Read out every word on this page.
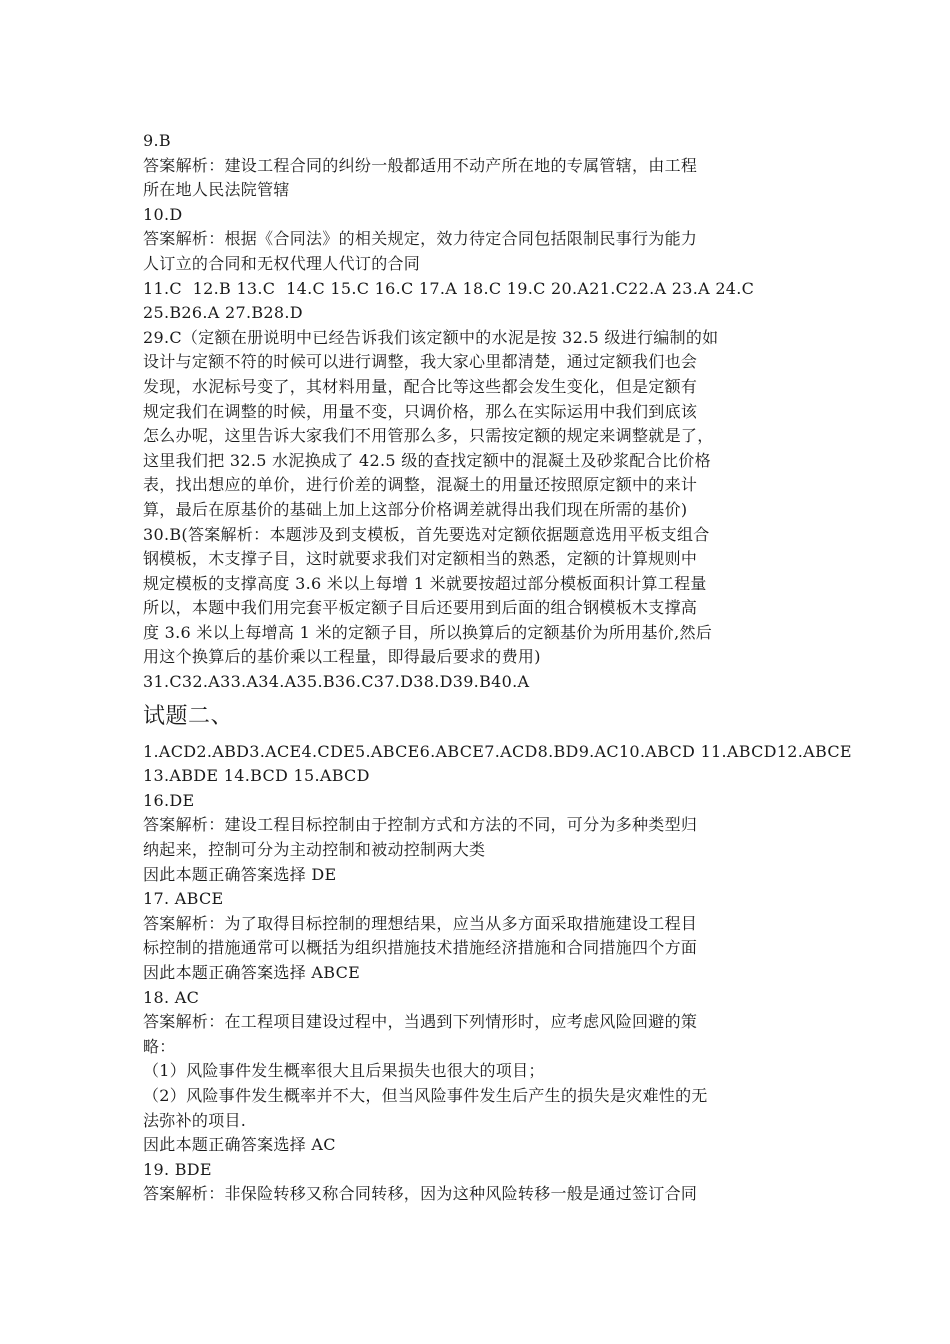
9.B
答案解析：建设工程合同的纠纷一般都适用不动产所在地的专属管辖，由工程
所在地人民法院管辖
10.D
答案解析：根据《合同法》的相关规定，效力待定合同包括限制民事行为能力
人订立的合同和无权代理人代订的合同
11.C  12.B 13.C  14.C 15.C 16.C 17.A 18.C 19.C 20.A21.C22.A 23.A 24.C
25.B26.A 27.B28.D
29.C（定额在册说明中已经告诉我们该定额中的水泥是按 32.5 级进行编制的如
设计与定额不符的时候可以进行调整，我大家心里都清楚，通过定额我们也会
发现，水泥标号变了，其材料用量，配合比等这些都会发生变化，但是定额有
规定我们在调整的时候，用量不变，只调价格，那么在实际运用中我们到底该
怎么办呢，这里告诉大家我们不用管那么多，只需按定额的规定来调整就是了，
这里我们把 32.5 水泥换成了 42.5 级的查找定额中的混凝土及砂浆配合比价格
表，找出想应的单价，进行价差的调整，混凝土的用量还按照原定额中的来计
算，最后在原基价的基础上加上这部分价格调差就得出我们现在所需的基价)
30.B(答案解析：本题涉及到支模板，首先要选对定额依据题意选用平板支组合
钢模板，木支撑子目，这时就要求我们对定额相当的熟悉，定额的计算规则中
规定模板的支撑高度 3.6 米以上每增 1 米就要按超过部分模板面积计算工程量
所以，本题中我们用完套平板定额子目后还要用到后面的组合钢模板木支撑高
度 3.6 米以上每增高 1 米的定额子目，所以换算后的定额基价为所用基价,然后
用这个换算后的基价乘以工程量，即得最后要求的费用)
31.C32.A33.A34.A35.B36.C37.D38.D39.B40.A
试题二、
1.ACD2.ABD3.ACE4.CDE5.ABCE6.ABCE7.ACD8.BD9.AC10.ABCD 11.ABCD12.ABCE
13.ABDE 14.BCD 15.ABCD
16.DE
答案解析：建设工程目标控制由于控制方式和方法的不同，可分为多种类型归
纳起来，控制可分为主动控制和被动控制两大类
因此本题正确答案选择 DE
17. ABCE
答案解析：为了取得目标控制的理想结果，应当从多方面采取措施建设工程目
标控制的措施通常可以概括为组织措施技术措施经济措施和合同措施四个方面
因此本题正确答案选择 ABCE
18. AC
答案解析：在工程项目建设过程中，当遇到下列情形时，应考虑风险回避的策
略：
（1）风险事件发生概率很大且后果损失也很大的项目；
（2）风险事件发生概率并不大，但当风险事件发生后产生的损失是灾难性的无
法弥补的项目.
因此本题正确答案选择 AC
19. BDE
答案解析：非保险转移又称合同转移，因为这种风险转移一般是通过签订合同
